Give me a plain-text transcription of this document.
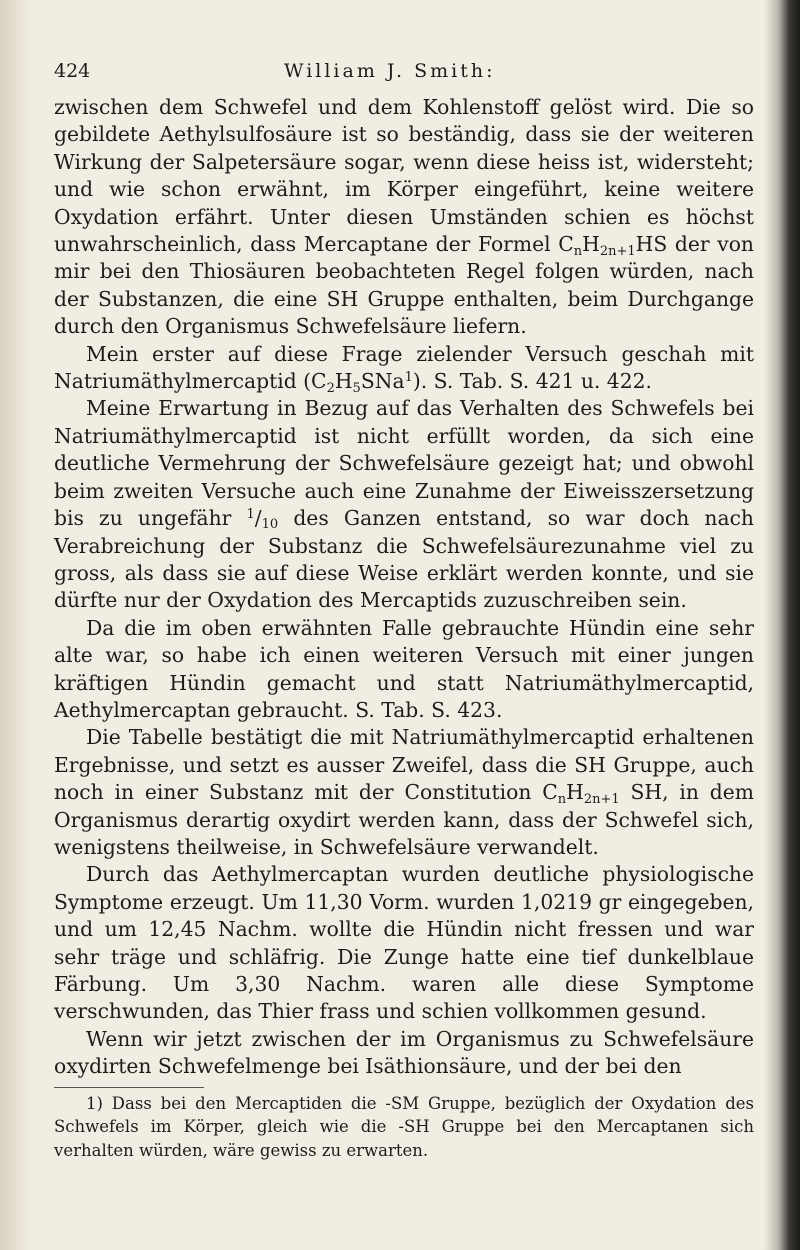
424	William J. Smith:

zwischen dem Schwefel und dem Kohlenstoff gelöst wird. Die so gebildete Aethylsulfosäure ist so beständig, dass sie der weiteren Wirkung der Salpetersäure sogar, wenn diese heiss ist, widersteht; und wie schon erwähnt, im Körper eingeführt, keine weitere Oxydation erfährt. Unter diesen Umständen schien es höchst unwahrscheinlich, dass Mercaptane der Formel $C_nH_{2n+1}HS$ der von mir bei den Thiosäuren beobachteten Regel folgen würden, nach der Substanzen, die eine SH Gruppe enthalten, beim Durchgange durch den Organismus Schwefelsäure liefern.

Mein erster auf diese Frage zielender Versuch geschah mit Natriumäthylmercaptid $(C_2H_5SNa^1)$. S. Tab. S. 421 u. 422.

Meine Erwartung in Bezug auf das Verhalten des Schwefels bei Natriumäthylmercaptid ist nicht erfüllt worden, da sich eine deutliche Vermehrung der Schwefelsäure gezeigt hat; und obwohl beim zweiten Versuche auch eine Zunahme der Eiweisszersetzung bis zu ungefähr $^1$/10 des Ganzen entstand, so war doch nach Verabreichung der Substanz die Schwefelsäurezunahme viel zu gross, als dass sie auf diese Weise erklärt werden konnte, und sie dürfte nur der Oxydation des Mercaptids zuzuschreiben sein.

Da die im oben erwähnten Falle gebrauchte Hündin eine sehr alte war, so habe ich einen weiteren Versuch mit einer jungen kräftigen Hündin gemacht und statt Natriumäthylmercaptid, Aethylmercaptan gebraucht. S. Tab. S. 423.

Die Tabelle bestätigt die mit Natriumäthylmercaptid erhaltenen Ergebnisse, und setzt es ausser Zweifel, dass die SH Gruppe, auch noch in einer Substanz mit der Constitution $C_nH_{2n+1}$ SH, in dem Organismus derartig oxydirt werden kann, dass der Schwefel sich, wenigstens theilweise, in Schwefelsäure verwandelt.

Durch das Aethylmercaptan wurden deutliche physiologische Symptome erzeugt. Um 11,30 Vorm. wurden 1,0219 gr eingegeben, und um 12,45 Nachm. wollte die Hündin nicht fressen und war sehr träge und schläfrig. Die Zunge hatte eine tief dunkelblaue Färbung. Um 3,30 Nachm. waren alle diese Symptome verschwunden, das Thier frass und schien vollkommen gesund.

Wenn wir jetzt zwischen der im Organismus zu Schwefelsäure oxydirten Schwefelmenge bei Isäthionsäure, und der bei den

1) Dass bei den Mercaptiden die -SM Gruppe, bezüglich der Oxydation des Schwefels im Körper, gleich wie die -SH Gruppe bei den Mercaptanen sich verhalten würden, wäre gewiss zu erwarten.
